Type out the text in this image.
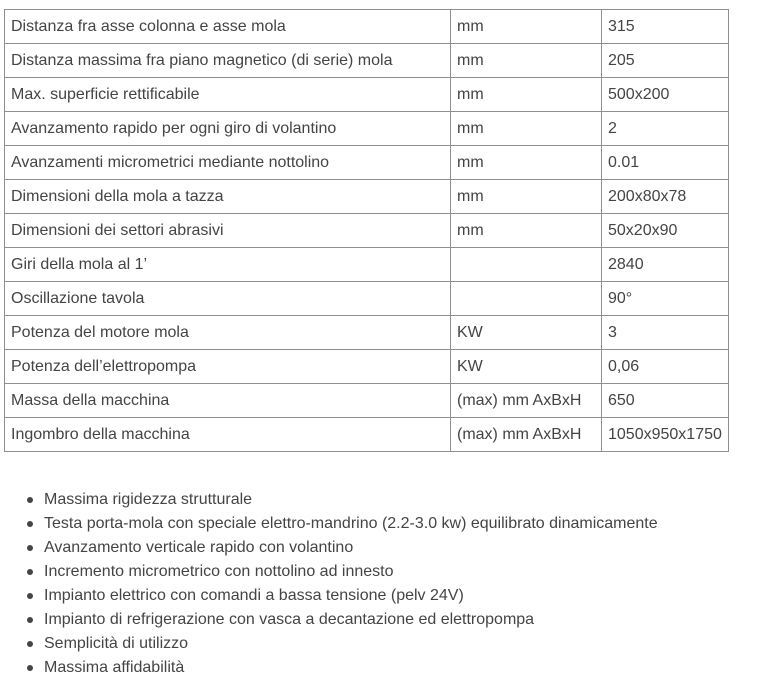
Distanza fra asse colonna e asse mola	mm	315
Distanza massima fra piano magnetico (di serie) mola	mm	205
Max. superficie rettificabile	mm	500x200
Avanzamento rapido per ogni giro di volantino	mm	2
Avanzamenti micrometrici mediante nottolino	mm	0.01
Dimensioni della mola a tazza	mm	200x80x78
Dimensioni dei settori abrasivi	mm	50x20x90
Giri della mola al 1’		2840
Oscillazione tavola		90°
Potenza del motore mola	KW	3
Potenza dell’elettropompa	KW	0,06
Massa della macchina	(max) mm AxBxH	650
Ingombro della macchina	(max) mm AxBxH	1050x950x1750
Massima rigidezza strutturale
Testa porta-mola con speciale elettro-mandrino (2.2-3.0 kw) equilibrato dinamicamente
Avanzamento verticale rapido con volantino
Incremento micrometrico con nottolino ad innesto
Impianto elettrico con comandi a bassa tensione (pelv 24V)
Impianto di refrigerazione con vasca a decantazione ed elettropompa
Semplicità di utilizzo
Massima affidabilità
